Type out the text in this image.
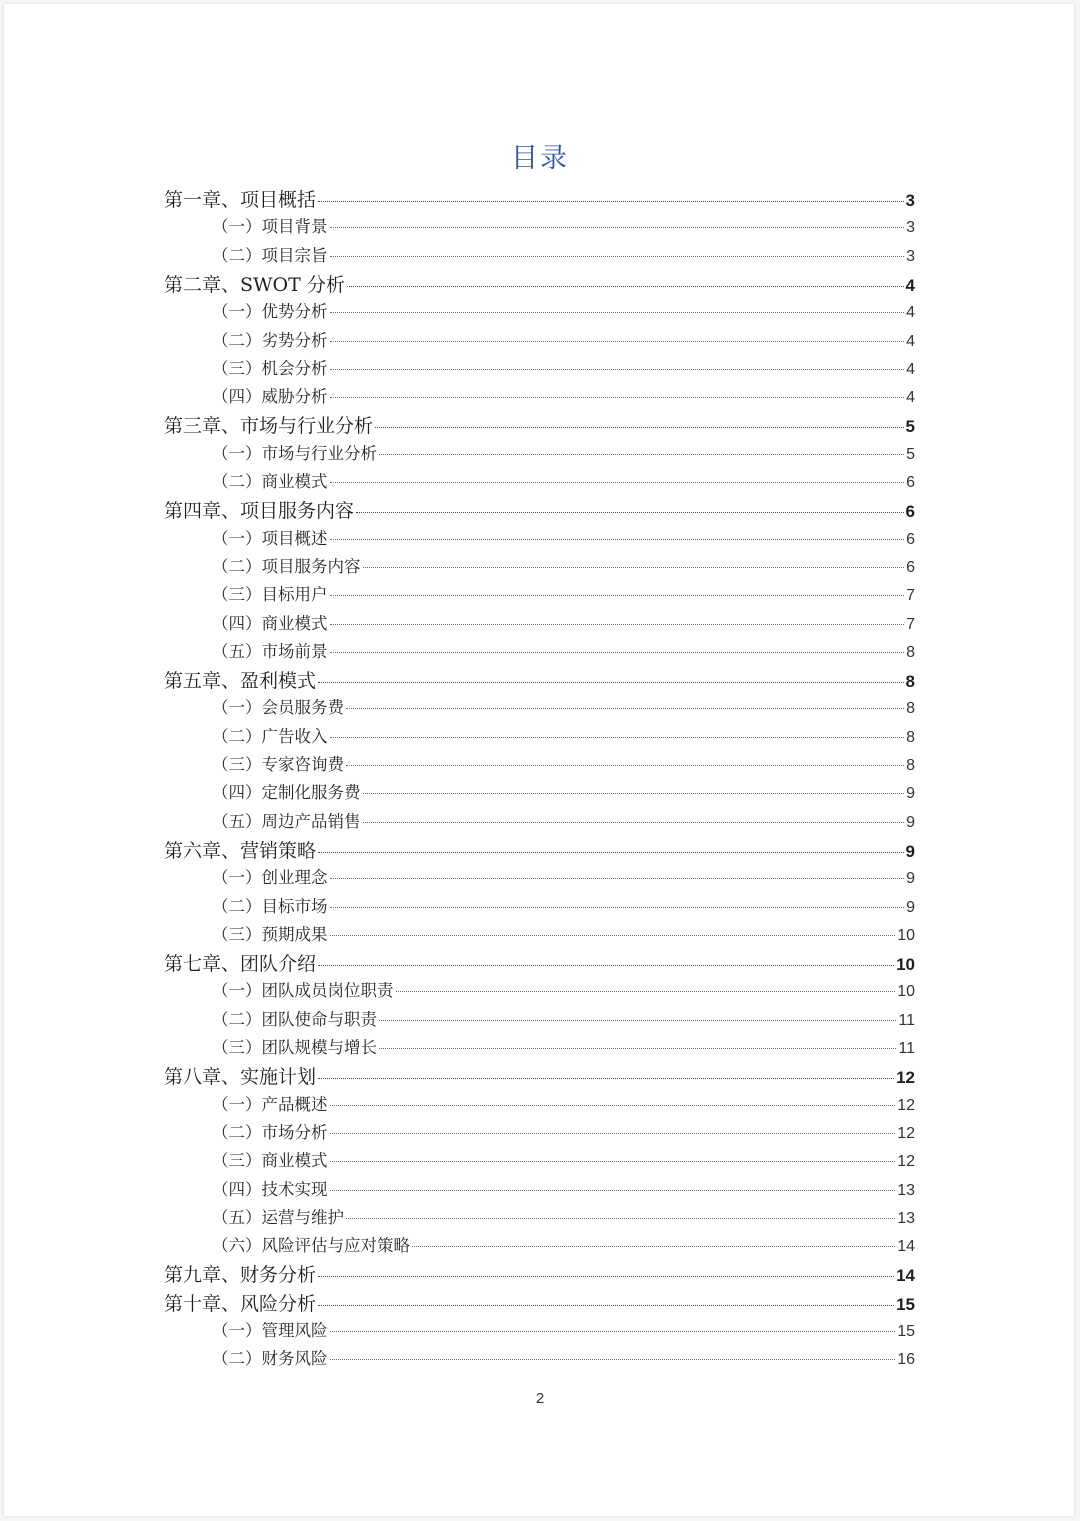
目录
第一章、项目概括	3
（一）项目背景	3
（二）项目宗旨	3
第二章、SWOT 分析	4
（一）优势分析	4
（二）劣势分析	4
（三）机会分析	4
（四）威胁分析	4
第三章、市场与行业分析	5
（一）市场与行业分析	5
（二）商业模式	6
第四章、项目服务内容	6
（一）项目概述	6
（二）项目服务内容	6
（三）目标用户	7
（四）商业模式	7
（五）市场前景	8
第五章、盈利模式	8
（一）会员服务费	8
（二）广告收入	8
（三）专家咨询费	8
（四）定制化服务费	9
（五）周边产品销售	9
第六章、营销策略	9
（一）创业理念	9
（二）目标市场	9
（三）预期成果	10
第七章、团队介绍	10
（一）团队成员岗位职责	10
（二）团队使命与职责	11
（三）团队规模与增长	11
第八章、实施计划	12
（一）产品概述	12
（二）市场分析	12
（三）商业模式	12
（四）技术实现	13
（五）运营与维护	13
（六）风险评估与应对策略	14
第九章、财务分析	14
第十章、风险分析	15
（一）管理风险	15
（二）财务风险	16
2
